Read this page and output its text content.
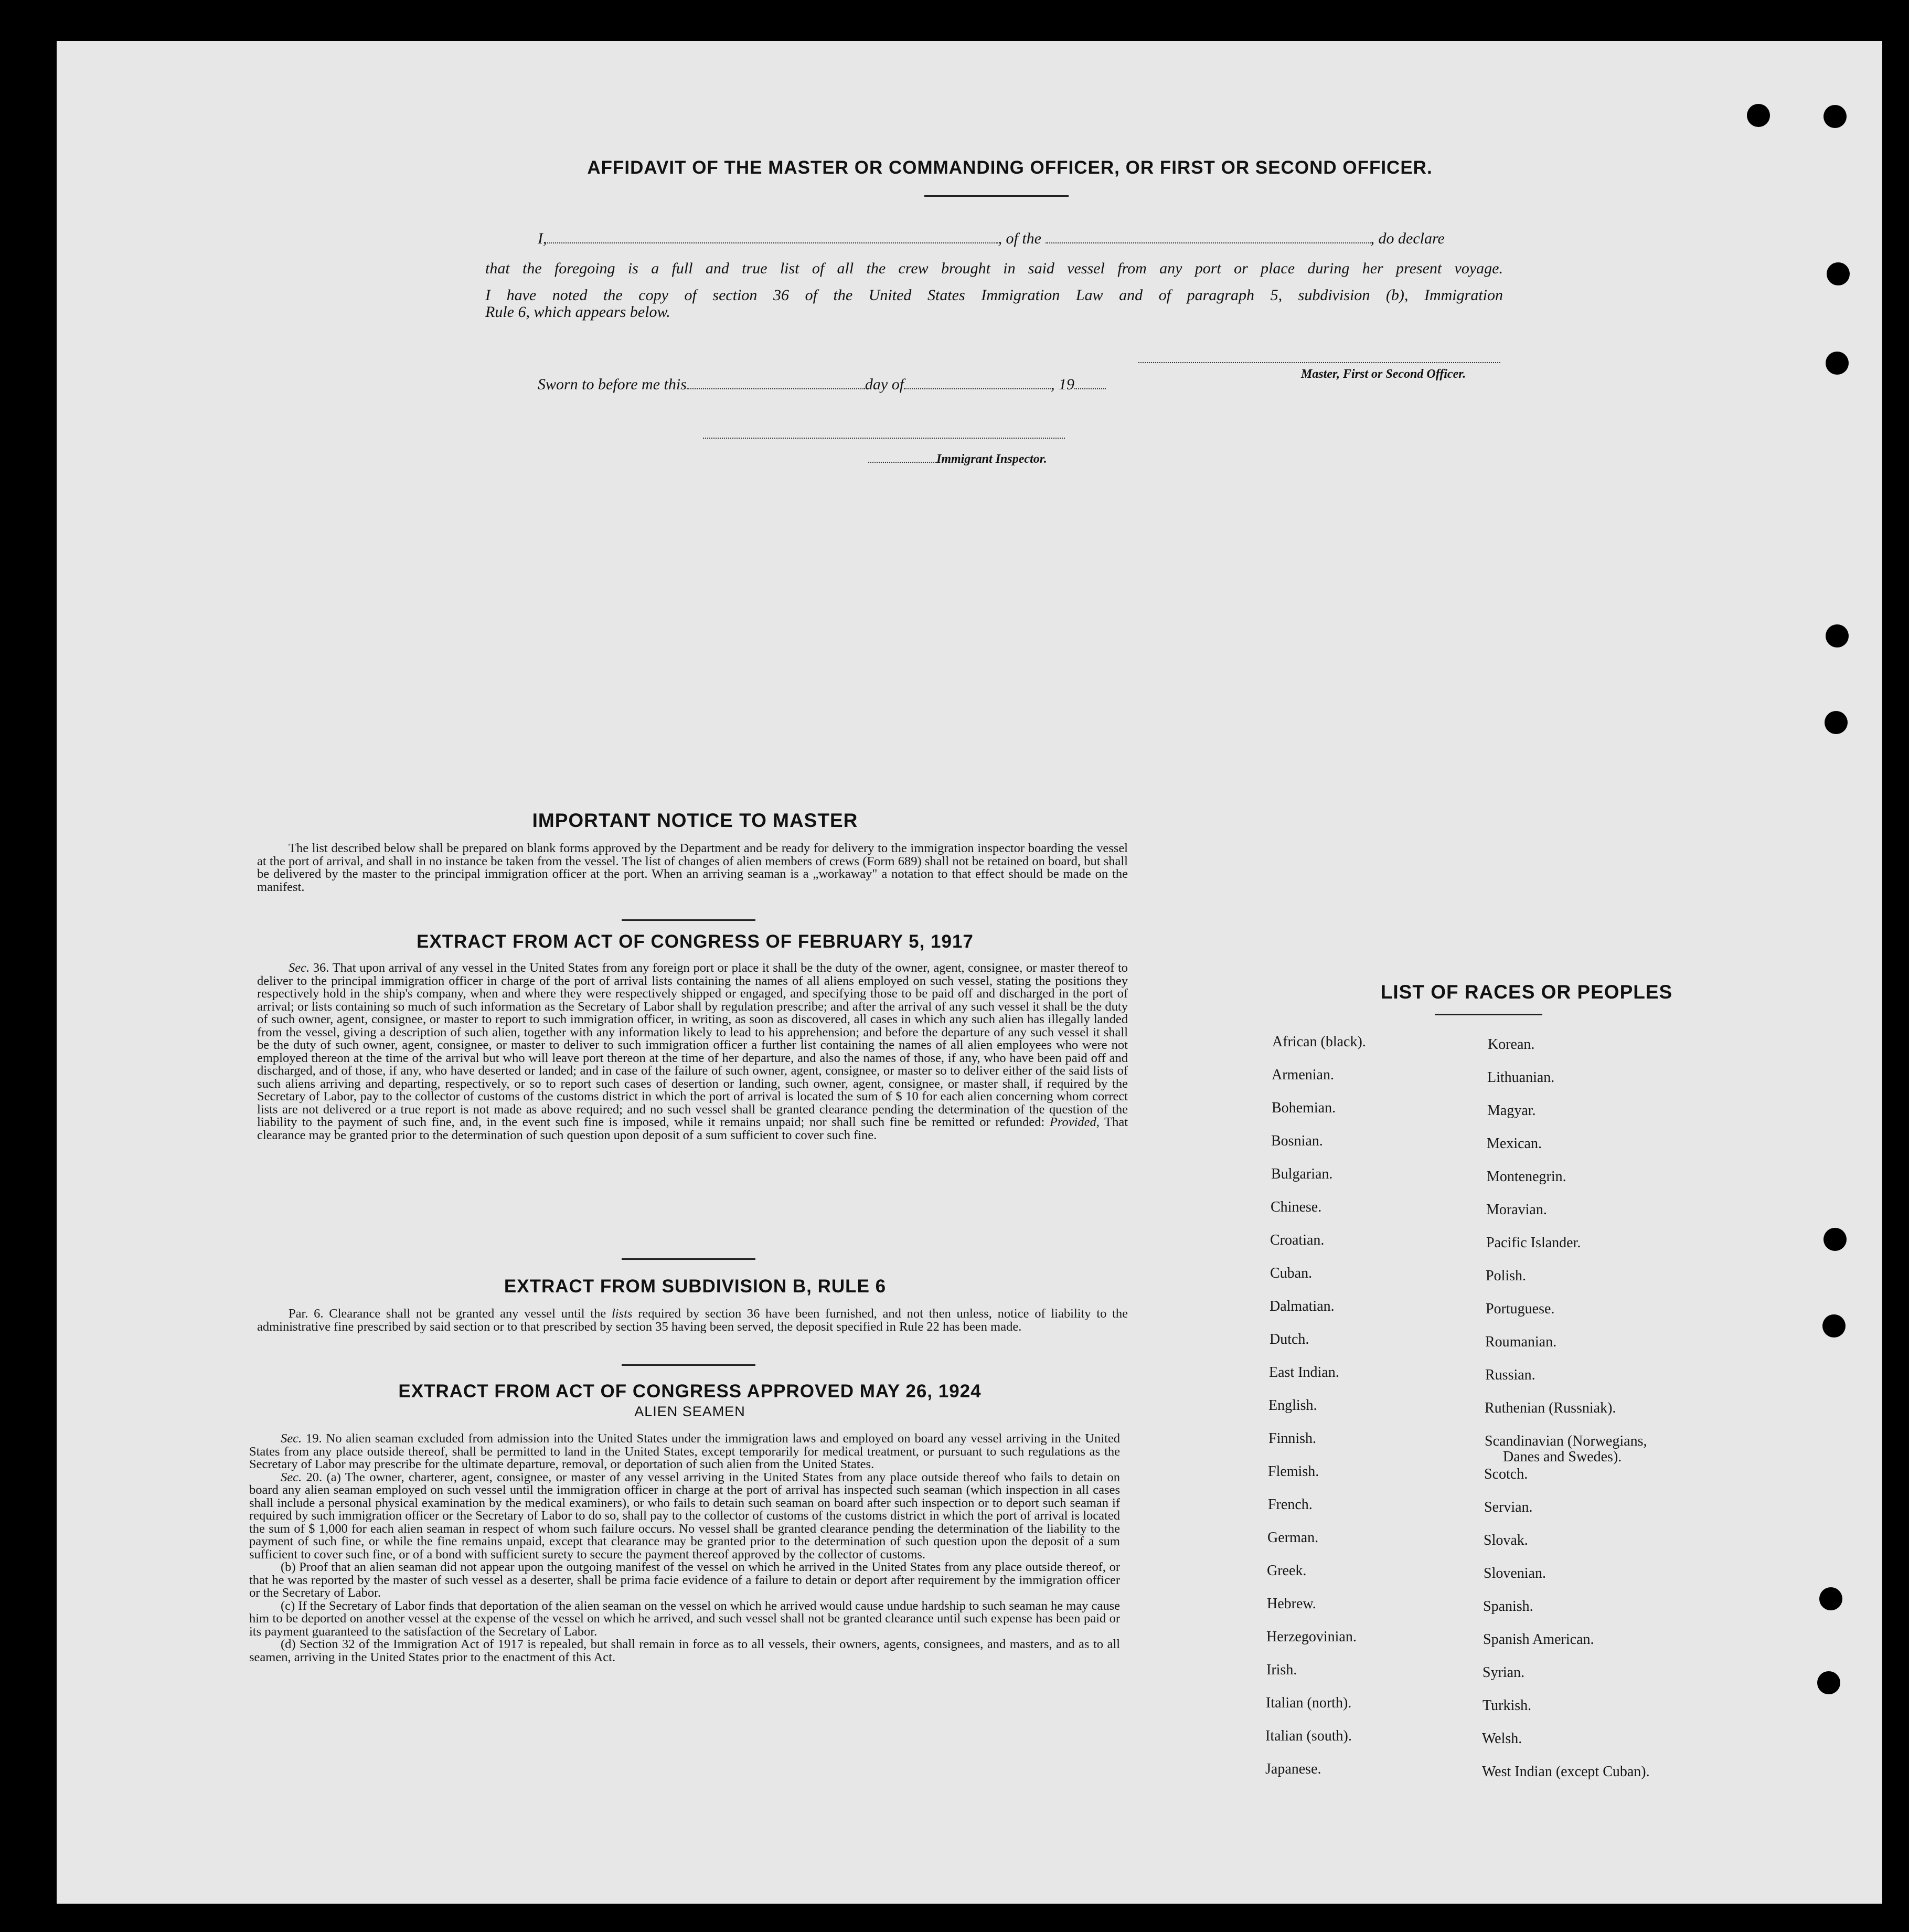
AFFIDAVIT OF THE MASTER OR COMMANDING OFFICER, OR FIRST OR SECOND OFFICER.
I,	, of the	, do declare
that the foregoing is a full and true list of all the crew brought in said vessel from any port or place during her present voyage.
I have noted the copy of section 36 of the United States Immigration Law and of paragraph 5, subdivision (b), Immigration
Rule 6, which appears below.
Master, First or Second Officer.
Sworn to before me this	day of	, 19
Immigrant Inspector.
IMPORTANT NOTICE TO MASTER

The list described below shall be prepared on blank forms approved by the Department and be ready for delivery to the immigration inspector boarding the vessel at the port of arrival, and shall in no instance be taken from the vessel. The list of changes of alien members of crews (Form 689) shall not be retained on board, but shall be delivered by the master to the principal immigration officer at the port. When an arriving seaman is a „workaway" a notation to that effect should be made on the manifest.

EXTRACT FROM ACT OF CONGRESS OF FEBRUARY 5, 1917

Sec. 36. That upon arrival of any vessel in the United States from any foreign port or place it shall be the duty of the owner, agent, consignee, or master thereof to deliver to the principal immigration officer in charge of the port of arrival lists containing the names of all aliens employed on such vessel, stating the positions they respectively hold in the ship's company, when and where they were respectively shipped or engaged, and specifying those to be paid off and discharged in the port of arrival; or lists containing so much of such information as the Secretary of Labor shall by regulation prescribe; and after the arrival of any such vessel it shall be the duty of such owner, agent, consignee, or master to report to such immigration officer, in writing, as soon as discovered, all cases in which any such alien has illegally landed from the vessel, giving a description of such alien, together with any information likely to lead to his apprehension; and before the departure of any such vessel it shall be the duty of such owner, agent, consignee, or master to deliver to such immigration officer a further list containing the names of all alien employees who were not employed thereon at the time of the arrival but who will leave port thereon at the time of her departure, and also the names of those, if any, who have been paid off and discharged, and of those, if any, who have deserted or landed; and in case of the failure of such owner, agent, consignee, or master so to deliver either of the said lists of such aliens arriving and departing, respectively, or so to report such cases of desertion or landing, such owner, agent, consignee, or master shall, if required by the Secretary of Labor, pay to the collector of customs of the customs district in which the port of arrival is located the sum of $ 10 for each alien concerning whom correct lists are not delivered or a true report is not made as above required; and no such vessel shall be granted clearance pending the determination of the question of the liability to the payment of such fine, and, in the event such fine is imposed, while it remains unpaid; nor shall such fine be remitted or refunded: Provided, That clearance may be granted prior to the determination of such question upon deposit of a sum sufficient to cover such fine.

EXTRACT FROM SUBDIVISION B, RULE 6

Par. 6. Clearance shall not be granted any vessel until the lists required by section 36 have been furnished, and not then unless, notice of liability to the administrative fine prescribed by said section or to that prescribed by section 35 having been served, the deposit specified in Rule 22 has been made.

EXTRACT FROM ACT OF CONGRESS APPROVED MAY 26, 1924
ALIEN SEAMEN

Sec. 19. No alien seaman excluded from admission into the United States under the immigration laws and employed on board any vessel arriving in the United States from any place outside thereof, shall be permitted to land in the United States, except temporarily for medical treatment, or pursuant to such regulations as the Secretary of Labor may prescribe for the ultimate departure, removal, or deportation of such alien from the United States.

Sec. 20. (a) The owner, charterer, agent, consignee, or master of any vessel arriving in the United States from any place outside thereof who fails to detain on board any alien seaman employed on such vessel until the immigration officer in charge at the port of arrival has inspected such seaman (which inspection in all cases shall include a personal physical examination by the medical examiners), or who fails to detain such seaman on board after such inspection or to deport such seaman if required by such immigration officer or the Secretary of Labor to do so, shall pay to the collector of customs of the customs district in which the port of arrival is located the sum of $ 1,000 for each alien seaman in respect of whom such failure occurs. No vessel shall be granted clearance pending the determination of the liability to the payment of such fine, or while the fine remains unpaid, except that clearance may be granted prior to the determination of such question upon the deposit of a sum sufficient to cover such fine, or of a bond with sufficient surety to secure the payment thereof approved by the collector of customs.

(b) Proof that an alien seaman did not appear upon the outgoing manifest of the vessel on which he arrived in the United States from any place outside thereof, or that he was reported by the master of such vessel as a deserter, shall be prima facie evidence of a failure to detain or deport after requirement by the immigration officer or the Secretary of Labor.

(c) If the Secretary of Labor finds that deportation of the alien seaman on the vessel on which he arrived would cause undue hardship to such seaman he may cause him to be deported on another vessel at the expense of the vessel on which he arrived, and such vessel shall not be granted clearance until such expense has been paid or its payment guaranteed to the satisfaction of the Secretary of Labor.

(d) Section 32 of the Immigration Act of 1917 is repealed, but shall remain in force as to all vessels, their owners, agents, consignees, and masters, and as to all seamen, arriving in the United States prior to the enactment of this Act.

LIST OF RACES OR PEOPLES
African (black).
Armenian.
Bohemian.
Bosnian.
Bulgarian.
Chinese.
Croatian.
Cuban.
Dalmatian.
Dutch.
East Indian.
English.
Finnish.
Flemish.
French.
German.
Greek.
Hebrew.
Herzegovinian.
Irish.
Italian (north).
Italian (south).
Japanese.
Korean.
Lithuanian.
Magyar.
Mexican.
Montenegrin.
Moravian.
Pacific Islander.
Polish.
Portuguese.
Roumanian.
Russian.
Ruthenian (Russniak).
Scandinavian (Norwegians,
Scotch.
Servian.
Slovak.
Slovenian.
Spanish.
Spanish American.
Syrian.
Turkish.
Welsh.
West Indian (except Cuban).
Danes and Swedes).
